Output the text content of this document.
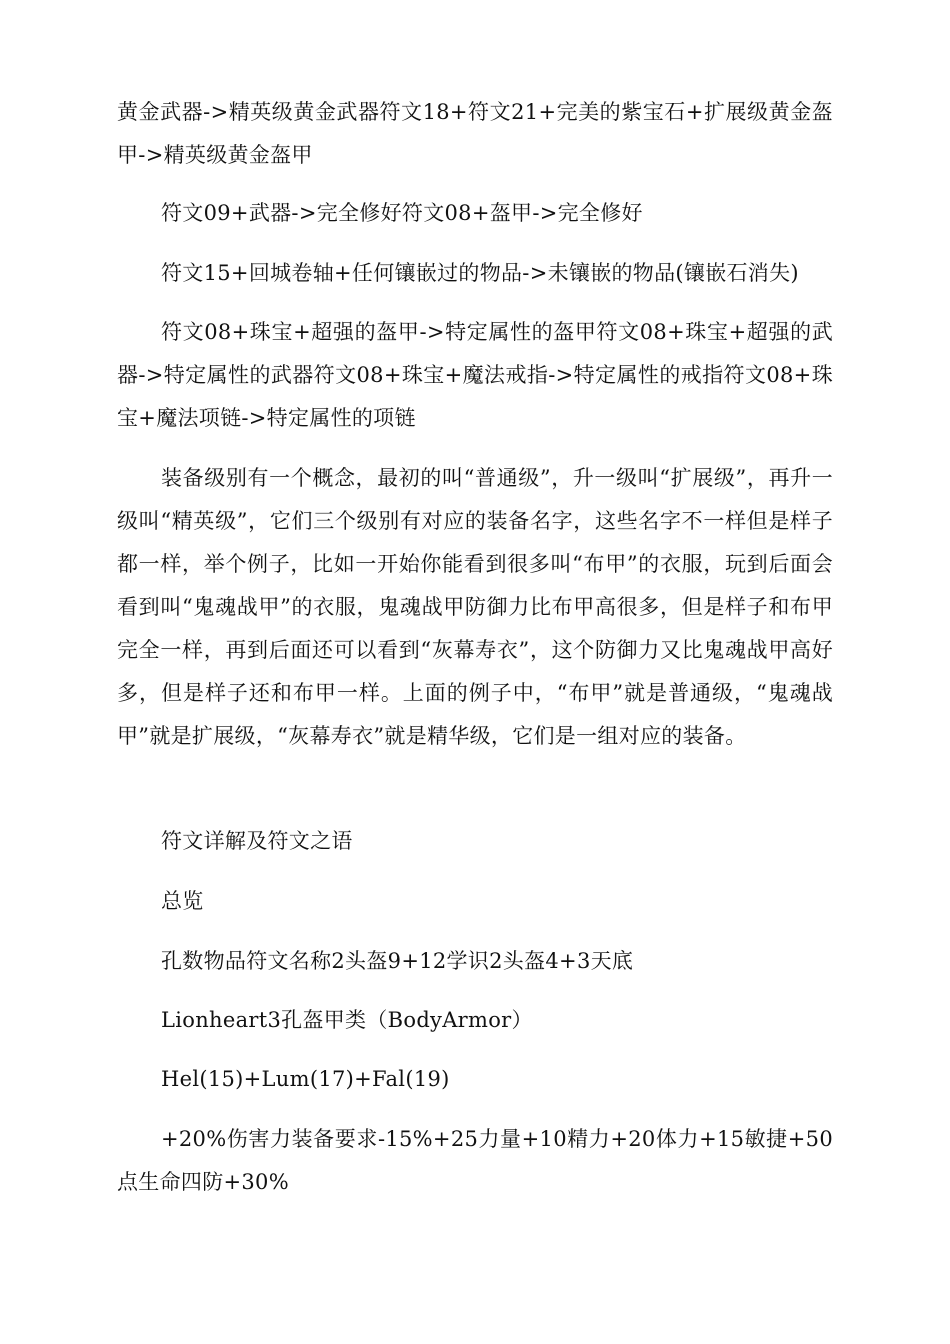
黄金武器->精英级黄金武器符文18+符文21+完美的紫宝石+扩展级黄金盔甲->精英级黄金盔甲

符文09+武器->完全修好符文08+盔甲->完全修好

符文15+回城卷轴+任何镶嵌过的物品->未镶嵌的物品(镶嵌石消失)

符文08+珠宝+超强的盔甲->特定属性的盔甲符文08+珠宝+超强的武器->特定属性的武器符文08+珠宝+魔法戒指->特定属性的戒指符文08+珠宝+魔法项链->特定属性的项链

装备级别有一个概念，最初的叫“普通级”，升一级叫“扩展级”，再升一级叫“精英级”，它们三个级别有对应的装备名字，这些名字不一样但是样子都一样，举个例子，比如一开始你能看到很多叫“布甲”的衣服，玩到后面会看到叫“鬼魂战甲”的衣服，鬼魂战甲防御力比布甲高很多，但是样子和布甲完全一样，再到后面还可以看到“灰幕寿衣”，这个防御力又比鬼魂战甲高好多，但是样子还和布甲一样。上面的例子中，“布甲”就是普通级，“鬼魂战甲”就是扩展级，“灰幕寿衣”就是精华级，它们是一组对应的装备。

符文详解及符文之语

总览

孔数物品符文名称2头盔9+12学识2头盔4+3天底

Lionheart3孔盔甲类（BodyArmor）

Hel(15)+Lum(17)+Fal(19)

+20%伤害力装备要求-15%+25力量+10精力+20体力+15敏捷+50点生命四防+30%
